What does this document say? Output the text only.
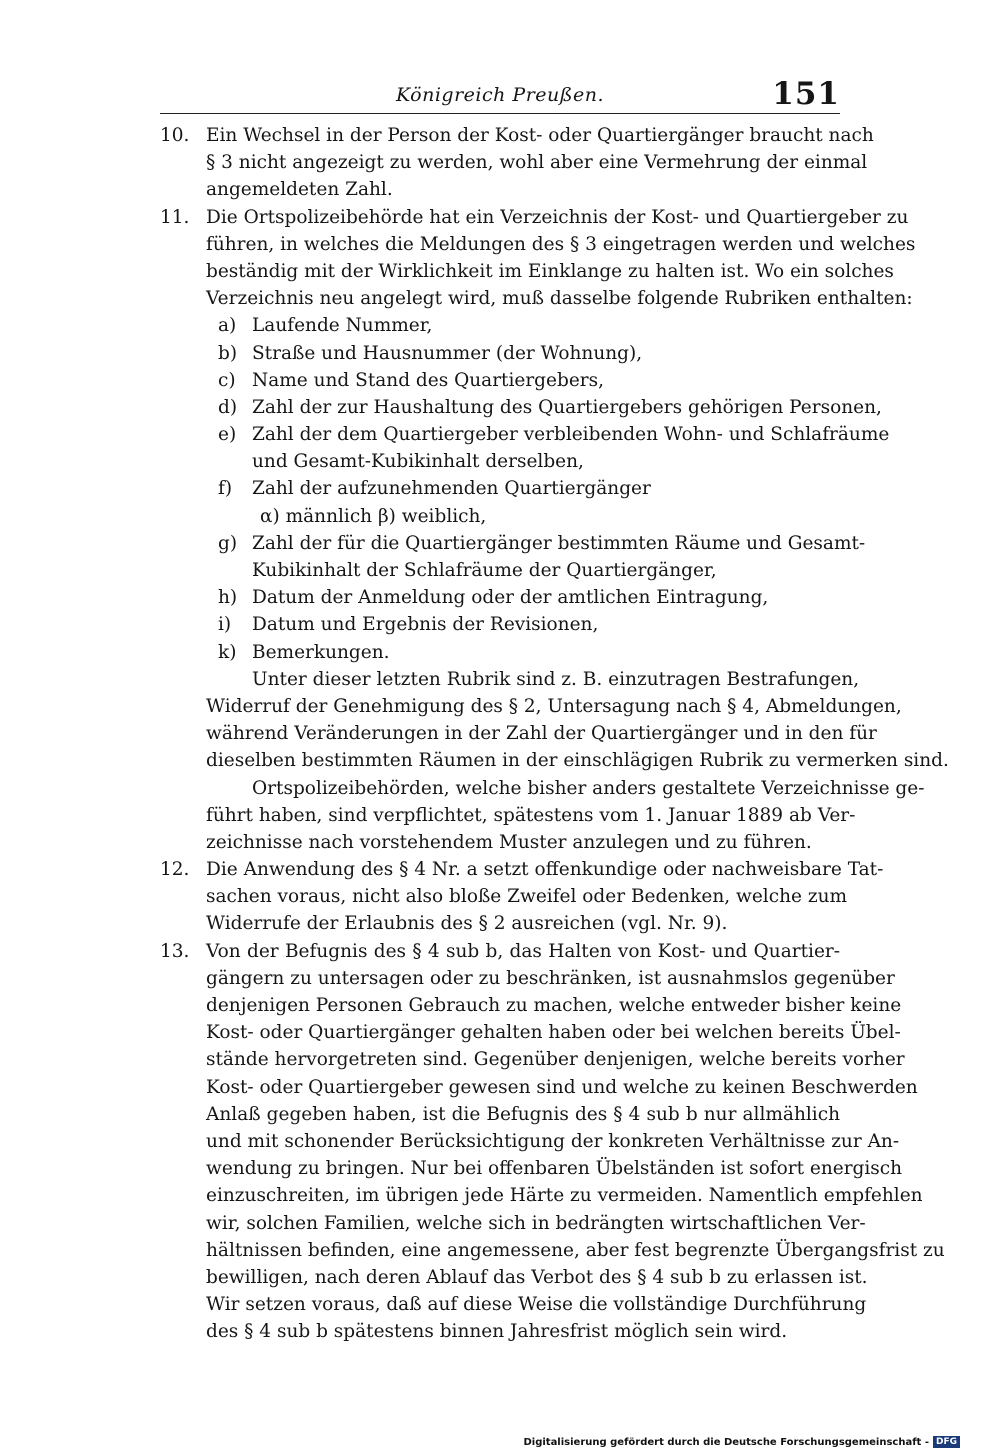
Königreich Preußen.	151
10. Ein Wechsel in der Person der Kost- oder Quartiergänger braucht nach
§ 3 nicht angezeigt zu werden, wohl aber eine Vermehrung der einmal
angemeldeten Zahl.
11. Die Ortspolizeibehörde hat ein Verzeichnis der Kost- und Quartiergeber zu
führen, in welches die Meldungen des § 3 eingetragen werden und welches
beständig mit der Wirklichkeit im Einklange zu halten ist. Wo ein solches
Verzeichnis neu angelegt wird, muß dasselbe folgende Rubriken enthalten:
a) Laufende Nummer,
b) Straße und Hausnummer (der Wohnung),
c) Name und Stand des Quartiergebers,
d) Zahl der zur Haushaltung des Quartiergebers gehörigen Personen,
e) Zahl der dem Quartiergeber verbleibenden Wohn- und Schlafräume
und Gesamt-Kubikinhalt derselben,
f)	Zahl der aufzunehmenden Quartiergänger
α) männlich β) weiblich,
g) Zahl der für die Quartiergänger bestimmten Räume und Gesamt-
Kubikinhalt der Schlafräume der Quartiergänger,
h) Datum der Anmeldung oder der amtlichen Eintragung,
i)	Datum und Ergebnis der Revisionen,
k) Bemerkungen.
Unter dieser letzten Rubrik sind z. B. einzutragen Bestrafungen,
Widerruf der Genehmigung des § 2, Untersagung nach § 4, Abmeldungen,
während Veränderungen in der Zahl der Quartiergänger und in den für
dieselben bestimmten Räumen in der einschlägigen Rubrik zu vermerken sind.
Ortspolizeibehörden, welche bisher anders gestaltete Verzeichnisse ge-
führt haben, sind verpflichtet, spätestens vom 1. Januar 1889 ab Ver-
zeichnisse nach vorstehendem Muster anzulegen und zu führen.
12. Die Anwendung des § 4 Nr. a setzt offenkundige oder nachweisbare Tat-
sachen voraus, nicht also bloße Zweifel oder Bedenken, welche zum
Widerrufe der Erlaubnis des § 2 ausreichen (vgl. Nr. 9).
13. Von der Befugnis des § 4 sub b, das Halten von Kost- und Quartier-
gängern zu untersagen oder zu beschränken, ist ausnahmslos gegenüber
denjenigen Personen Gebrauch zu machen, welche entweder bisher keine
Kost- oder Quartiergänger gehalten haben oder bei welchen bereits Übel-
stände hervorgetreten sind. Gegenüber denjenigen, welche bereits vorher
Kost- oder Quartiergeber gewesen sind und welche zu keinen Beschwerden
Anlaß gegeben haben, ist die Befugnis des § 4 sub b nur allmählich
und mit schonender Berücksichtigung der konkreten Verhältnisse zur An-
wendung zu bringen. Nur bei offenbaren Übelständen ist sofort energisch
einzuschreiten, im übrigen jede Härte zu vermeiden. Namentlich empfehlen
wir, solchen Familien, welche sich in bedrängten wirtschaftlichen Ver-
hältnissen befinden, eine angemessene, aber fest begrenzte Übergangsfrist zu
bewilligen, nach deren Ablauf das Verbot des § 4 sub b zu erlassen ist.
Wir setzen voraus, daß auf diese Weise die vollständige Durchführung
des § 4 sub b spätestens binnen Jahresfrist möglich sein wird.
Digitalisierung gefördert durch die Deutsche Forschungsgemeinschaft - DFG
